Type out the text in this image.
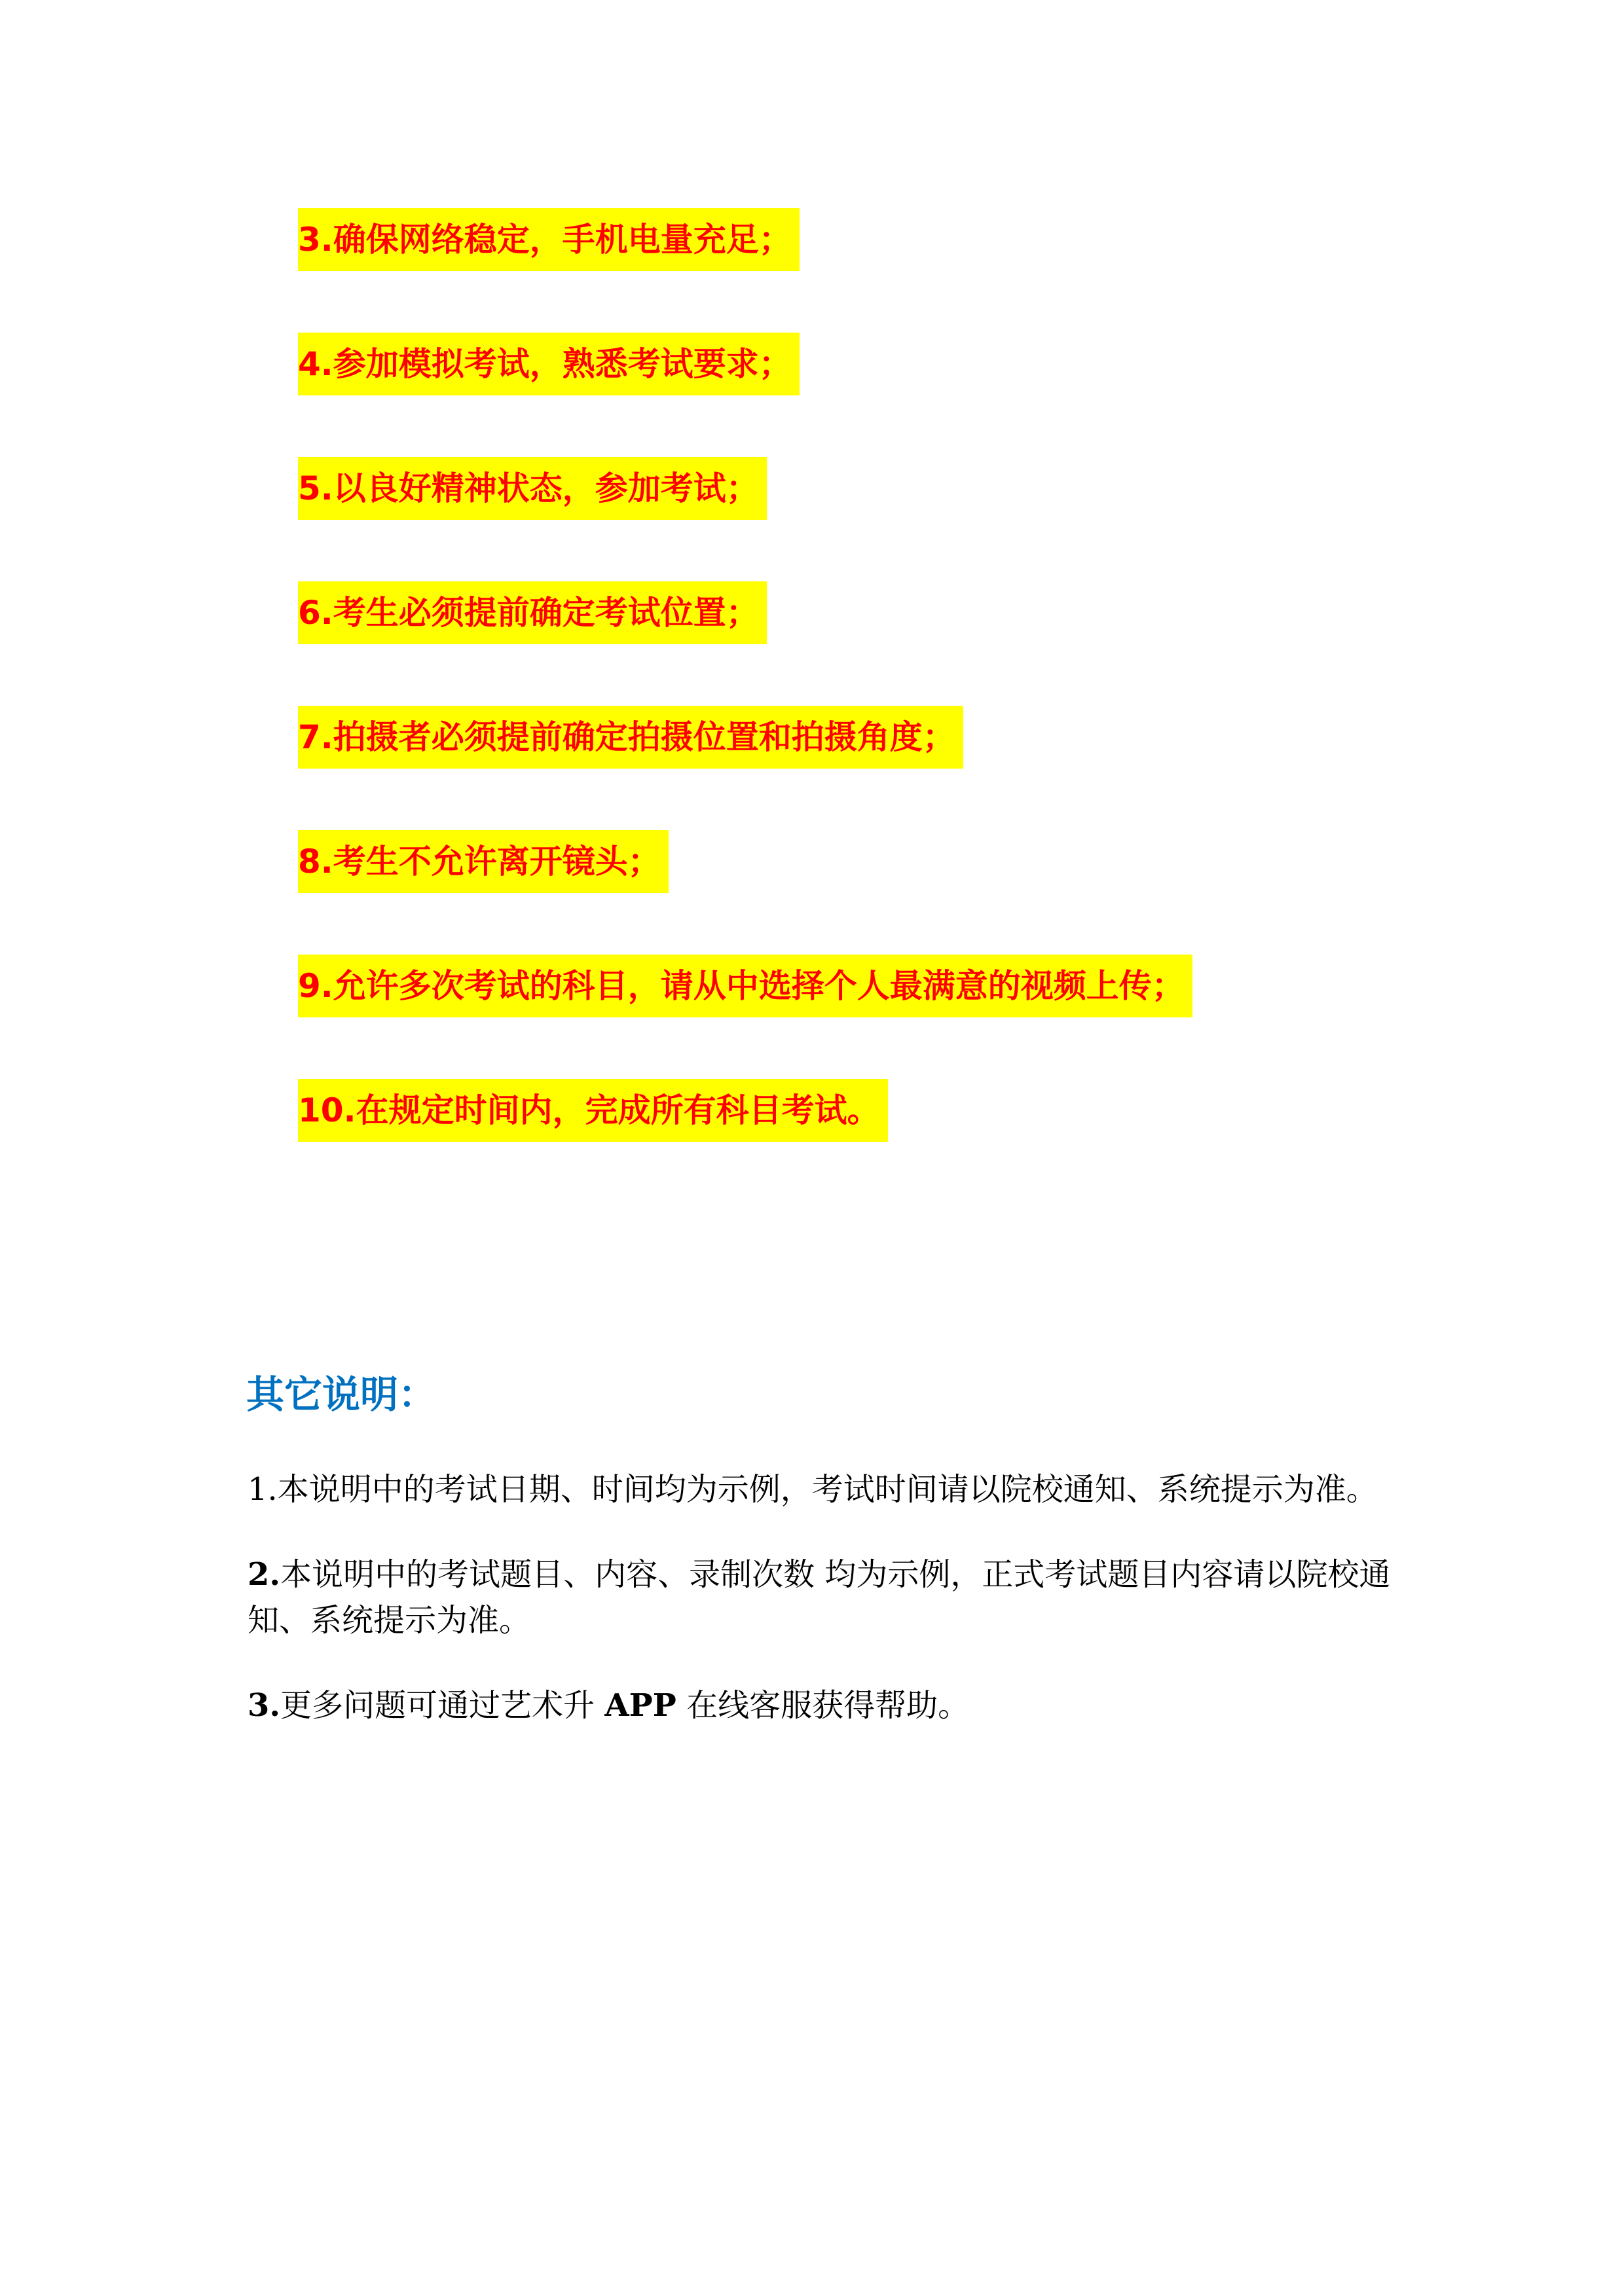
3.确保网络稳定，手机电量充足；
4.参加模拟考试，熟悉考试要求；
5.以良好精神状态，参加考试；
6.考生必须提前确定考试位置；
7.拍摄者必须提前确定拍摄位置和拍摄角度；
8.考生不允许离开镜头；
9.允许多次考试的科目，请从中选择个人最满意的视频上传；
10.在规定时间内，完成所有科目考试。
其它说明：

1.本说明中的考试日期、时间均为示例，考试时间请以院校通知、系统提示为准。

2.本说明中的考试题目、内容、录制次数 均为示例，正式考试题目内容请以院校通知、系统提示为准。

3.更多问题可通过艺术升 APP 在线客服获得帮助。
